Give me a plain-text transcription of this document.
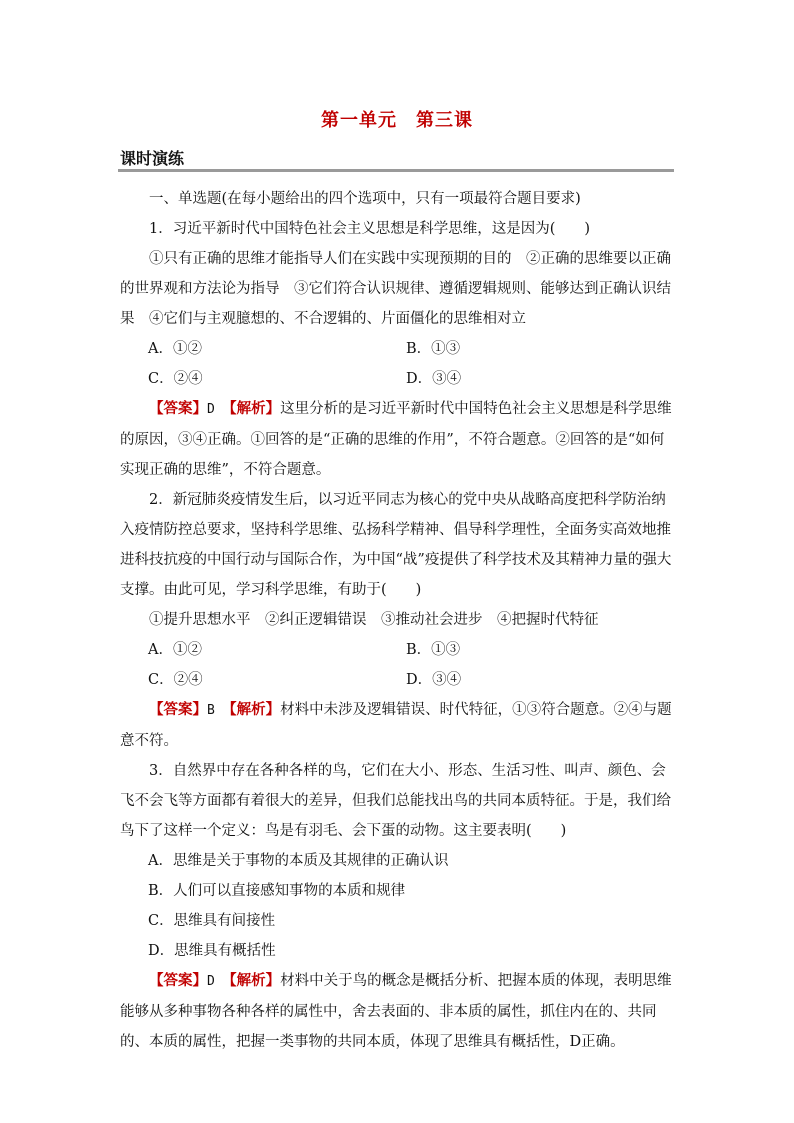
第一单元　第三课
课时演练

一、单选题(在每小题给出的四个选项中，只有一项最符合题目要求)

1．习近平新时代中国特色社会主义思想是科学思维，这是因为(　　)

①只有正确的思维才能指导人们在实践中实现预期的目的　②正确的思维要以正确的世界观和方法论为指导　③它们符合认识规律、遵循逻辑规则、能够达到正确认识结果　④它们与主观臆想的、不合逻辑的、片面僵化的思维相对立

A．①②	B．①③
C．②④	D．③④

【答案】D　 【解析】这里分析的是习近平新时代中国特色社会主义思想是科学思维的原因，③④正确。①回答的是“正确的思维的作用”，不符合题意。②回答的是“如何实现正确的思维”，不符合题意。

2．新冠肺炎疫情发生后，以习近平同志为核心的党中央从战略高度把科学防治纳入疫情防控总要求，坚持科学思维、弘扬科学精神、倡导科学理性，全面务实高效地推进科技抗疫的中国行动与国际合作，为中国“战”疫提供了科学技术及其精神力量的强大支撑。由此可见，学习科学思维，有助于(　　)

①提升思想水平　②纠正逻辑错误　③推动社会进步　④把握时代特征

A．①②	B．①③
C．②④	D．③④

【答案】B　 【解析】材料中未涉及逻辑错误、时代特征，①③符合题意。②④与题意不符。

3．自然界中存在各种各样的鸟，它们在大小、形态、生活习性、叫声、颜色、会飞不会飞等方面都有着很大的差异，但我们总能找出鸟的共同本质特征。于是，我们给鸟下了这样一个定义：鸟是有羽毛、会下蛋的动物。这主要表明(　　)

A．思维是关于事物的本质及其规律的正确认识

B．人们可以直接感知事物的本质和规律

C．思维具有间接性

D．思维具有概括性

【答案】D　 【解析】材料中关于鸟的概念是概括分析、把握本质的体现，表明思维能够从多种事物各种各样的属性中，舍去表面的、非本质的属性，抓住内在的、共同的、本质的属性，把握一类事物的共同本质，体现了思维具有概括性，D正确。
